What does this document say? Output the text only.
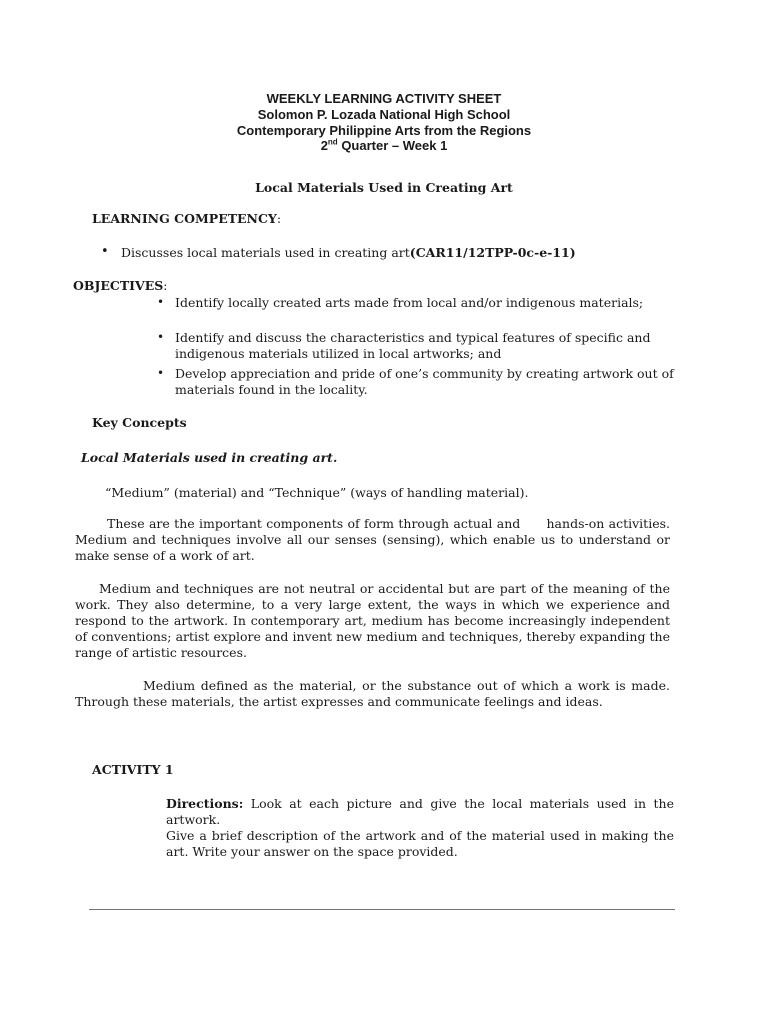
WEEKLY LEARNING ACTIVITY SHEET
Solomon P. Lozada National High School
Contemporary Philippine Arts from the Regions
2nd Quarter – Week 1
Local Materials Used in Creating Art
LEARNING COMPETENCY:
• Discusses local materials used in creating art(CAR11/12TPP-0c-e-11)
OBJECTIVES:
• Identify locally created arts made from local and/or indigenous materials;
• Identify and discuss the characteristics and typical features of specific and indigenous materials utilized in local artworks; and
• Develop appreciation and pride of one’s community by creating artwork out of materials found in the locality.
Key Concepts
Local Materials used in creating art.
“Medium” (material) and “Technique” (ways of handling material).
These are the important components of form through actual and      hands-on activities. Medium and techniques involve all our senses (sensing), which enable us to understand or make sense of a work of art.
Medium and techniques are not neutral or accidental but are part of the meaning of the work. They also determine, to a very large extent, the ways in which we experience and respond to the artwork. In contemporary art, medium has become increasingly independent of conventions; artist explore and invent new medium and techniques, thereby expanding the range of artistic resources.
Medium defined as the material, or the substance out of which a work is made. Through these materials, the artist expresses and communicate feelings and ideas.
ACTIVITY 1
Directions: Look at each picture and give the local materials used in the artwork.
Give a brief description of the artwork and of the material used in making the art. Write your answer on the space provided.
